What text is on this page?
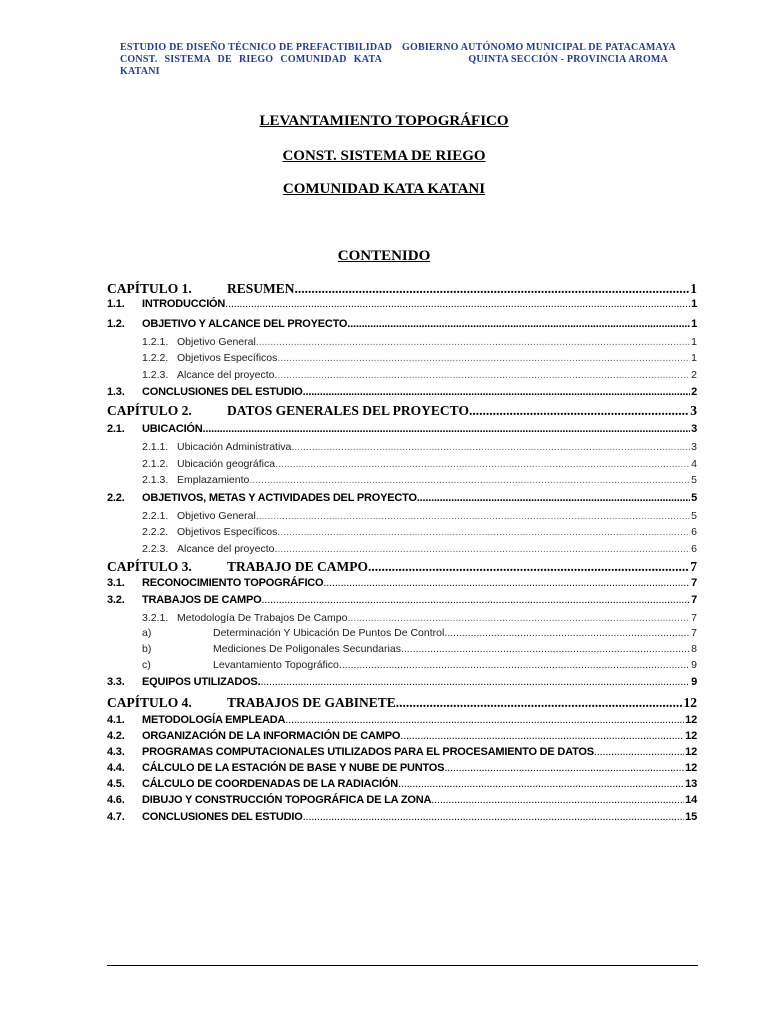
ESTUDIO DE DISEÑO TÉCNICO DE PREFACTIBILIDAD
CONST. SISTEMA DE RIEGO COMUNIDAD KATA
KATANI
GOBIERNO AUTÓNOMO MUNICIPAL DE PATACAMAYA
QUINTA SECCIÓN - PROVINCIA AROMA
LEVANTAMIENTO TOPOGRÁFICO
CONST. SISTEMA DE RIEGO
COMUNIDAD KATA KATANI
CONTENIDO
CAPÍTULO 1.	RESUMEN .....	1
1.1.	INTRODUCCIÓN .....	1
1.2.	OBJETIVO Y ALCANCE DEL PROYECTO .....	1
1.2.1. Objetivo General .....	1
1.2.2. Objetivos Específicos .....	1
1.2.3. Alcance del proyecto. .....	2
1.3.	CONCLUSIONES DEL ESTUDIO .....	2
CAPÍTULO 2.	DATOS GENERALES DEL PROYECTO .....	3
2.1.	UBICACIÓN .....	3
2.1.1. Ubicación Administrativa .....	3
2.1.2. Ubicación geográfica .....	4
2.1.3. Emplazamiento .....	5
2.2.	OBJETIVOS, METAS Y ACTIVIDADES DEL PROYECTO .....	5
2.2.1. Objetivo General .....	5
2.2.2. Objetivos Específicos .....	6
2.2.3. Alcance del proyecto. .....	6
CAPÍTULO 3.	TRABAJO DE CAMPO. .....	7
3.1.	RECONOCIMIENTO TOPOGRÁFICO .....	7
3.2.	TRABAJOS DE CAMPO .....	7
3.2.1. Metodología De Trabajos De Campo .....	7
a)	Determinación Y Ubicación De Puntos De Control .....	7
b)	Mediciones De Poligonales Secundarias .....	8
c)	Levantamiento Topográfico .....	9
3.3.	EQUIPOS UTILIZADOS. .....	9
CAPÍTULO 4.	TRABAJOS DE GABINETE .....	12
4.1.	METODOLOGÍA EMPLEADA .....	12
4.2.	ORGANIZACIÓN DE LA INFORMACIÓN DE CAMPO .....	12
4.3.	PROGRAMAS COMPUTACIONALES UTILIZADOS PARA EL PROCESAMIENTO DE DATOS .....	12
4.4.	CÁLCULO DE LA ESTACIÓN DE BASE Y NUBE DE PUNTOS .....	12
4.5.	CÁLCULO DE COORDENADAS DE LA RADIACIÓN .....	13
4.6.	DIBUJO Y CONSTRUCCIÓN TOPOGRÁFICA DE LA ZONA .....	14
4.7.	CONCLUSIONES DEL ESTUDIO .....	15
